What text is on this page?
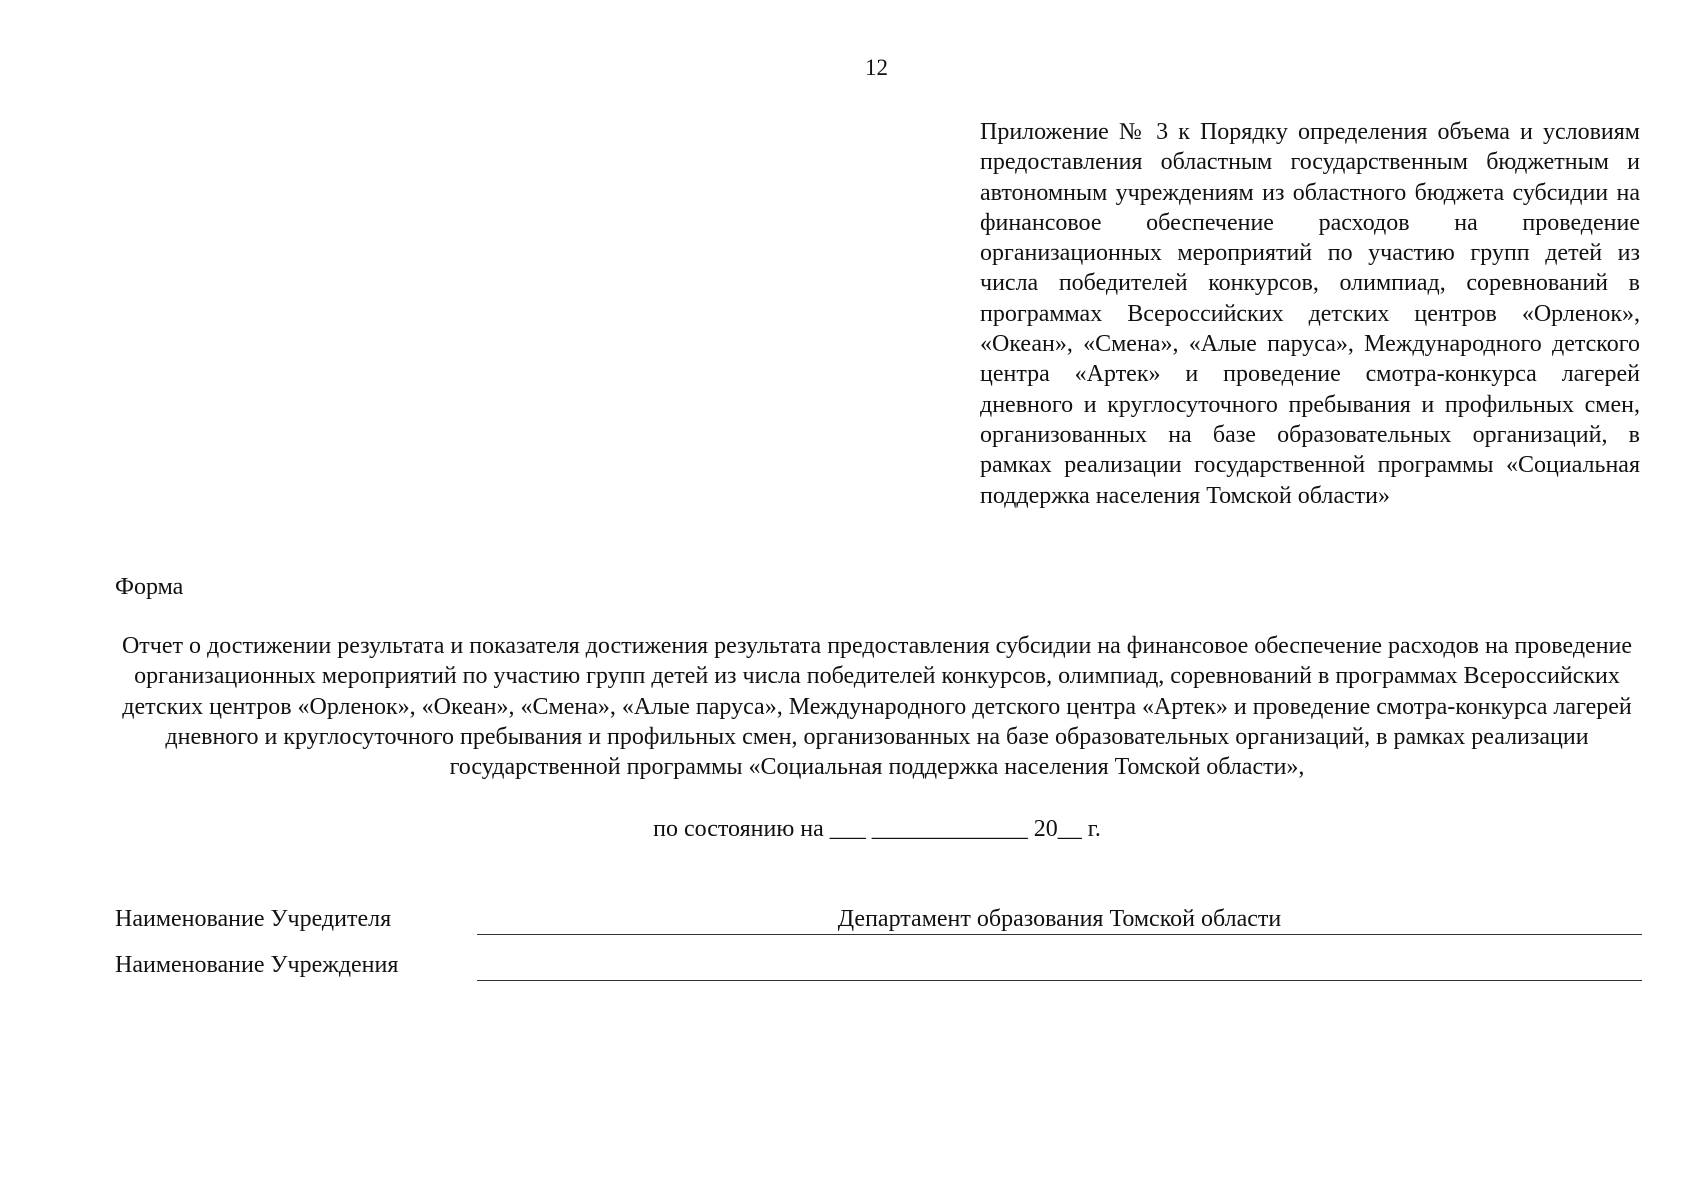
12
Приложение № 3 к Порядку определения объема и условиям предоставления областным государственным бюджетным и автономным учреждениям из областного бюджета субсидии на финансовое обеспечение расходов на проведение организационных мероприятий по участию групп детей из числа победителей конкурсов, олимпиад, соревнований в программах Всероссийских детских центров «Орленок», «Океан», «Смена», «Алые паруса», Международного детского центра «Артек» и проведение смотра-конкурса лагерей дневного и круглосуточного пребывания и профильных смен, организованных на базе образовательных организаций, в рамках реализации государственной программы «Социальная поддержка населения Томской области»
Форма
Отчет о достижении результата и показателя достижения результата предоставления субсидии на финансовое обеспечение расходов на проведение организационных мероприятий по участию групп детей из числа победителей конкурсов, олимпиад, соревнований в программах Всероссийских детских центров «Орленок», «Океан», «Смена», «Алые паруса», Международного детского центра «Артек» и проведение смотра-конкурса лагерей дневного и круглосуточного пребывания и профильных смен, организованных на базе образовательных организаций, в рамках реализации государственной программы «Социальная поддержка населения Томской области»,
по состоянию на ___ _____________ 20__ г.
Наименование Учредителя	Департамент образования Томской области
Наименование Учреждения
